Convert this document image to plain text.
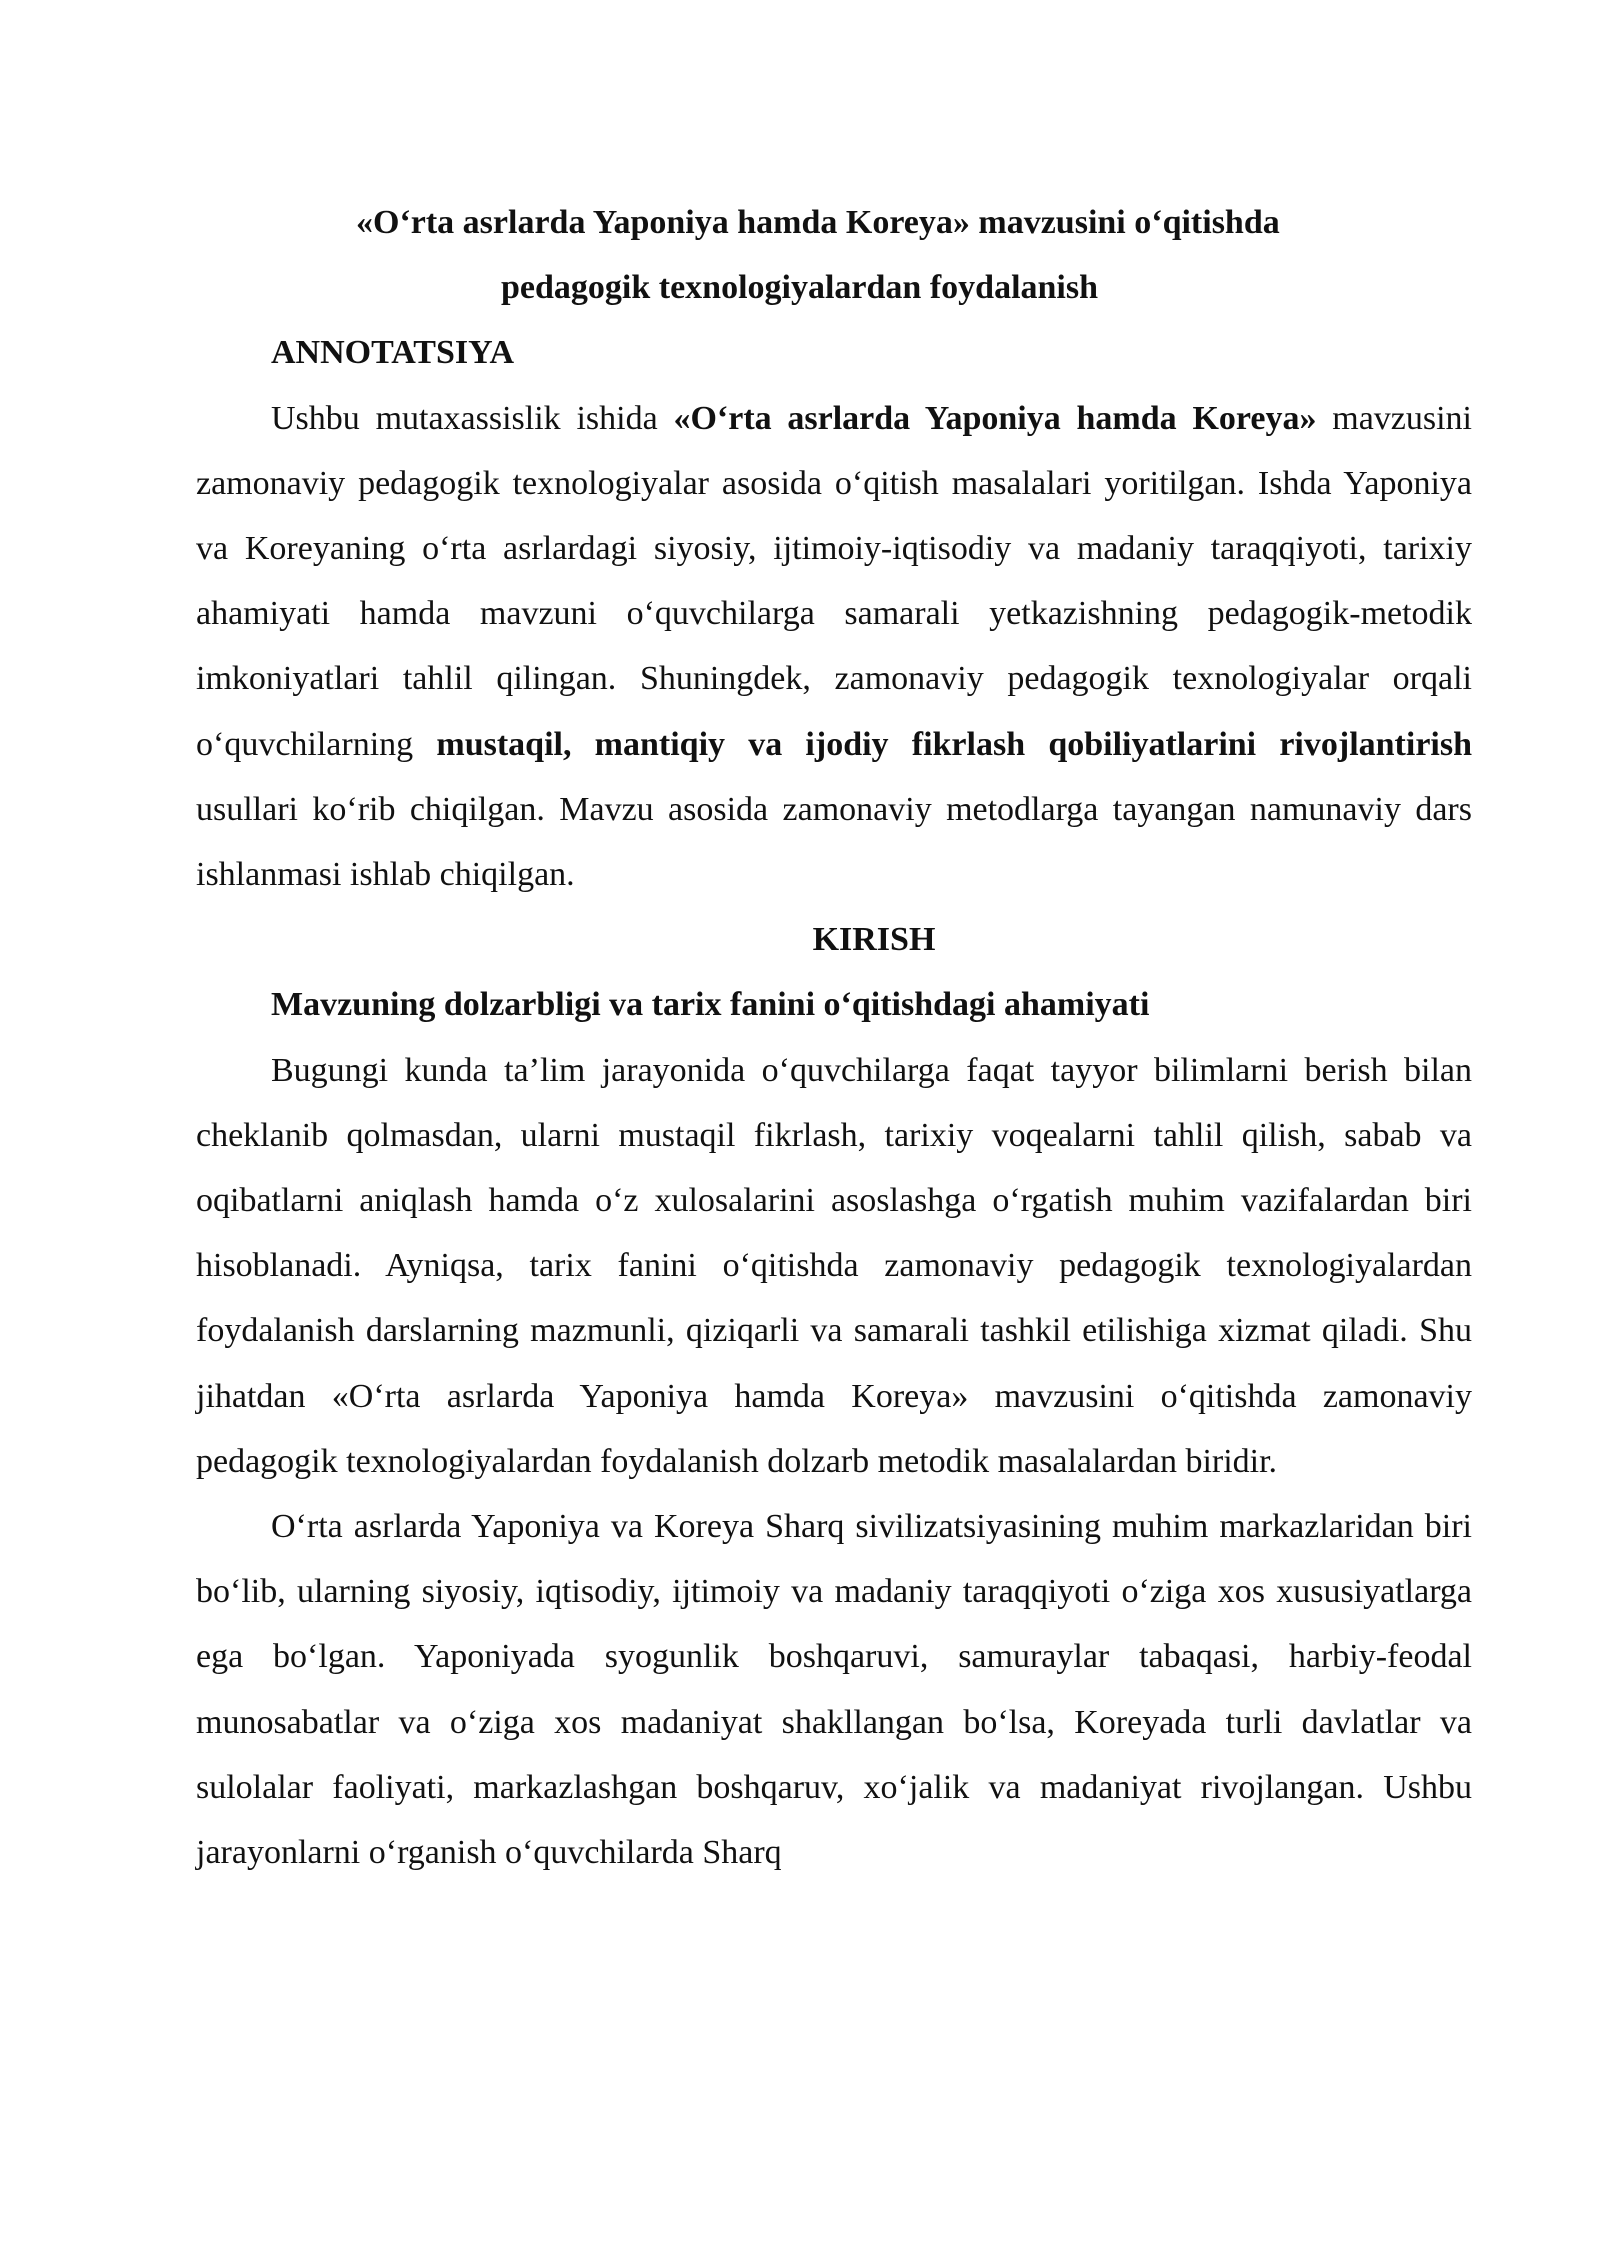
«O‘rta asrlarda Yaponiya hamda Koreya» mavzusini o‘qitishda

pedagogik texnologiyalardan foydalanish

ANNOTATSIYA

Ushbu mutaxassislik ishida «O‘rta asrlarda Yaponiya hamda Koreya» mavzusini zamonaviy pedagogik texnologiyalar asosida o‘qitish masalalari yoritilgan. Ishda Yaponiya va Koreyaning o‘rta asrlardagi siyosiy, ijtimoiy-iqtisodiy va madaniy taraqqiyoti, tarixiy ahamiyati hamda mavzuni o‘quvchilarga samarali yetkazishning pedagogik-metodik imkoniyatlari tahlil qilingan. Shuningdek, zamonaviy pedagogik texnologiyalar orqali o‘quvchilarning mustaqil, mantiqiy va ijodiy fikrlash qobiliyatlarini rivojlantirish usullari ko‘rib chiqilgan. Mavzu asosida zamonaviy metodlarga tayangan namunaviy dars ishlanmasi ishlab chiqilgan.

KIRISH

Mavzuning dolzarbligi va tarix fanini o‘qitishdagi ahamiyati

Bugungi kunda ta’lim jarayonida o‘quvchilarga faqat tayyor bilimlarni berish bilan cheklanib qolmasdan, ularni mustaqil fikrlash, tarixiy voqealarni tahlil qilish, sabab va oqibatlarni aniqlash hamda o‘z xulosalarini asoslashga o‘rgatish muhim vazifalardan biri hisoblanadi. Ayniqsa, tarix fanini o‘qitishda zamonaviy pedagogik texnologiyalardan foydalanish darslarning mazmunli, qiziqarli va samarali tashkil etilishiga xizmat qiladi. Shu jihatdan «O‘rta asrlarda Yaponiya hamda Koreya» mavzusini o‘qitishda zamonaviy pedagogik texnologiyalardan foydalanish dolzarb metodik masalalardan biridir.

O‘rta asrlarda Yaponiya va Koreya Sharq sivilizatsiyasining muhim markazlaridan biri bo‘lib, ularning siyosiy, iqtisodiy, ijtimoiy va madaniy taraqqiyoti o‘ziga xos xususiyatlarga ega bo‘lgan. Yaponiyada syogunlik boshqaruvi, samuraylar tabaqasi, harbiy-feodal munosabatlar va o‘ziga xos madaniyat shakllangan bo‘lsa, Koreyada turli davlatlar va sulolalar faoliyati, markazlashgan boshqaruv, xo‘jalik va madaniyat rivojlangan. Ushbu jarayonlarni o‘rganish o‘quvchilarda Sharq
